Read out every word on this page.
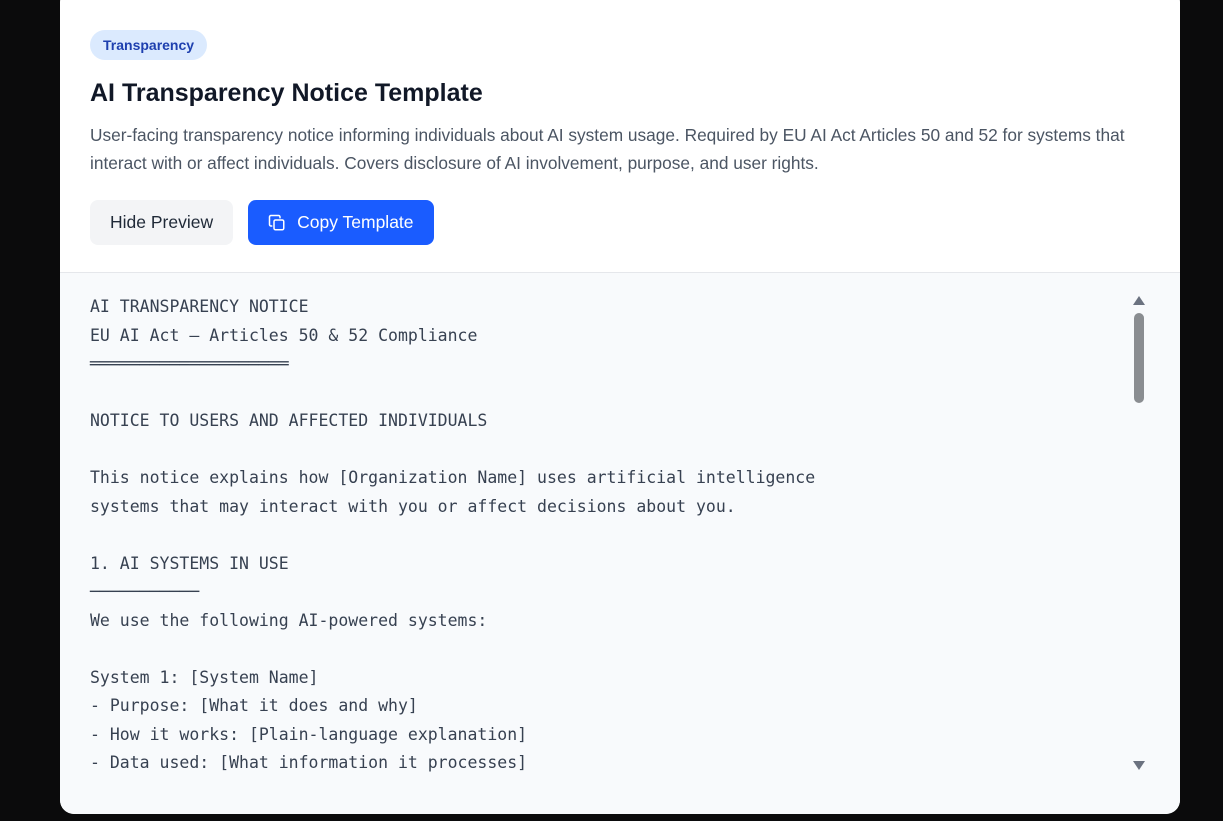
Transparency
AI Transparency Notice Template

User-facing transparency notice informing individuals about AI system usage. Required by EU AI Act Articles 50 and 52 for systems that interact with or affect individuals. Covers disclosure of AI involvement, purpose, and user rights.

Hide Preview	Copy Template
AI TRANSPARENCY NOTICE
EU AI Act — Articles 50 & 52 Compliance
════════════════════

NOTICE TO USERS AND AFFECTED INDIVIDUALS

This notice explains how [Organization Name] uses artificial intelligence
systems that may interact with you or affect decisions about you.

1. AI SYSTEMS IN USE
───────────
We use the following AI-powered systems:

System 1: [System Name]
- Purpose: [What it does and why]
- How it works: [Plain-language explanation]
- Data used: [What information it processes]
